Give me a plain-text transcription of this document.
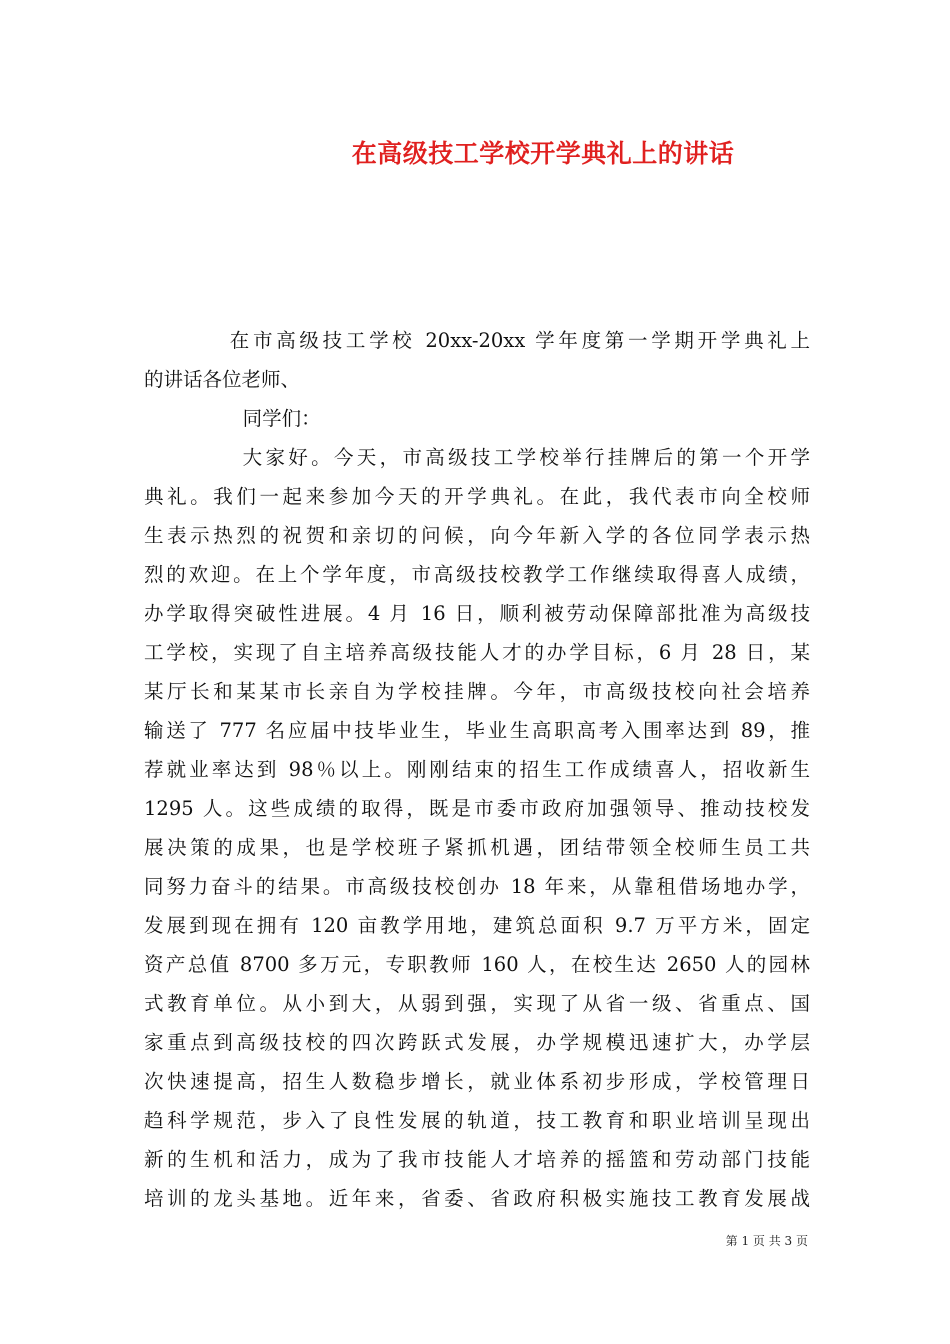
在高级技工学校开学典礼上的讲话
在市高级技工学校 20xx-20xx 学年度第一学期开学典礼上
的讲话各位老师、
同学们：
大家好。今天，市高级技工学校举行挂牌后的第一个开学
典礼。我们一起来参加今天的开学典礼。在此，我代表市向全校师
生表示热烈的祝贺和亲切的问候，向今年新入学的各位同学表示热
烈的欢迎。在上个学年度，市高级技校教学工作继续取得喜人成绩，
办学取得突破性进展。4 月 16 日，顺利被劳动保障部批准为高级技
工学校，实现了自主培养高级技能人才的办学目标，6 月 28 日，某
某厅长和某某市长亲自为学校挂牌。今年，市高级技校向社会培养
输送了 777 名应届中技毕业生，毕业生高职高考入围率达到 89，推
荐就业率达到 98％以上。刚刚结束的招生工作成绩喜人，招收新生
1295 人。这些成绩的取得，既是市委市政府加强领导、推动技校发
展决策的成果，也是学校班子紧抓机遇，团结带领全校师生员工共
同努力奋斗的结果。市高级技校创办 18 年来，从靠租借场地办学，
发展到现在拥有 120 亩教学用地，建筑总面积 9.7 万平方米，固定
资产总值 8700 多万元，专职教师 160 人，在校生达 2650 人的园林
式教育单位。从小到大，从弱到强，实现了从省一级、省重点、国
家重点到高级技校的四次跨跃式发展，办学规模迅速扩大，办学层
次快速提高，招生人数稳步增长，就业体系初步形成，学校管理日
趋科学规范，步入了良性发展的轨道，技工教育和职业培训呈现出
新的生机和活力，成为了我市技能人才培养的摇篮和劳动部门技能
培训的龙头基地。近年来，省委、省政府积极实施技工教育发展战
第 1 页 共 3 页
